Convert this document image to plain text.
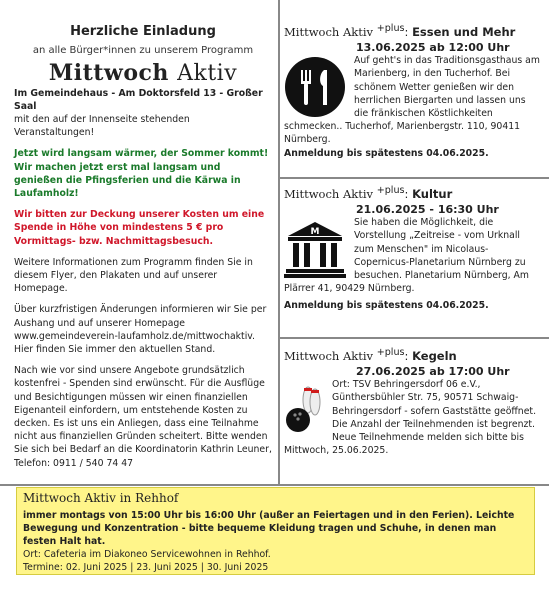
Herzliche Einladung
an alle Bürger*innen zu unserem Programm
Mittwoch Aktiv

Im Gemeindehaus - Am Doktorsfeld 13 - Großer Saal
mit den auf der Innenseite stehenden Veranstaltungen!

Jetzt wird langsam wärmer, der Sommer kommt! Wir machen jetzt erst mal langsam und genießen die Pfingsferien und die Kärwa in Laufamholz!

Wir bitten zur Deckung unserer Kosten um eine Spende in Höhe von mindestens 5 € pro Vormittags- bzw. Nachmittagsbesuch.

Weitere Informationen zum Programm finden Sie in diesem Flyer, den Plakaten und auf unserer Homepage.

Über kurzfristigen Änderungen informieren wir Sie per Aushang und auf unserer Homepage www.gemeindeverein-laufamholz.de/mittwochaktiv. Hier finden Sie immer den aktuellen Stand.

Nach wie vor sind unsere Angebote grundsätzlich kostenfrei - Spenden sind erwünscht. Für die Ausflüge und Besichtigungen müssen wir einen finanziellen Eigenanteil einfordern, um entstehende Kosten zu decken. Es ist uns ein Anliegen, dass eine Teilnahme nicht aus finanziellen Gründen scheitert. Bitte wenden Sie sich bei Bedarf an die Koordinatorin Kathrin Leuner,

Telefon: 0911 / 540 74 47
Mittwoch Aktiv $^{+plus}$: Essen und Mehr
13.06.2025 ab 12:00 Uhr
Auf geht's in das Traditionsgasthaus am Marienberg, in den Tucherhof. Bei schönem Wetter genießen wir den herrlichen Biergarten und lassen uns die fränkischen Köstlichkeiten schmecken.. Tucherhof, Marienbergstr. 110, 90411 Nürnberg.
Anmeldung bis spätestens 04.06.2025.
Mittwoch Aktiv $^{+plus}$: Kultur
21.06.2025 - 16:30 Uhr
M
Sie haben die Möglichkeit, die Vorstellung „Zeitreise - vom Urknall zum Menschen" im Nicolaus-Copernicus-Planetarium Nürnberg zu besuchen. Planetarium Nürnberg, Am Plärrer 41, 90429 Nürnberg.
Anmeldung bis spätestens 04.06.2025.
Mittwoch Aktiv $^{+plus}$: Kegeln
27.06.2025 ab 17:00 Uhr
Ort: TSV Behringersdorf 06 e.V., Günthersbühler Str. 75, 90571 Schwaig-Behringersdorf - sofern Gaststätte geöffnet. Die Anzahl der Teilnehmenden ist begrenzt. Neue Teilnehmende melden sich bitte bis Mittwoch, 25.06.2025.
Mittwoch Aktiv in Rehhof
immer montags von 15:00 Uhr bis 16:00 Uhr (außer an Feiertagen und in den Ferien). Leichte Bewegung und Konzentration - bitte bequeme Kleidung tragen und Schuhe, in denen man festen Halt hat.
Ort: Cafeteria im Diakoneo Servicewohnen in Rehhof.
Termine: 02. Juni 2025 | 23. Juni 2025 | 30. Juni 2025
